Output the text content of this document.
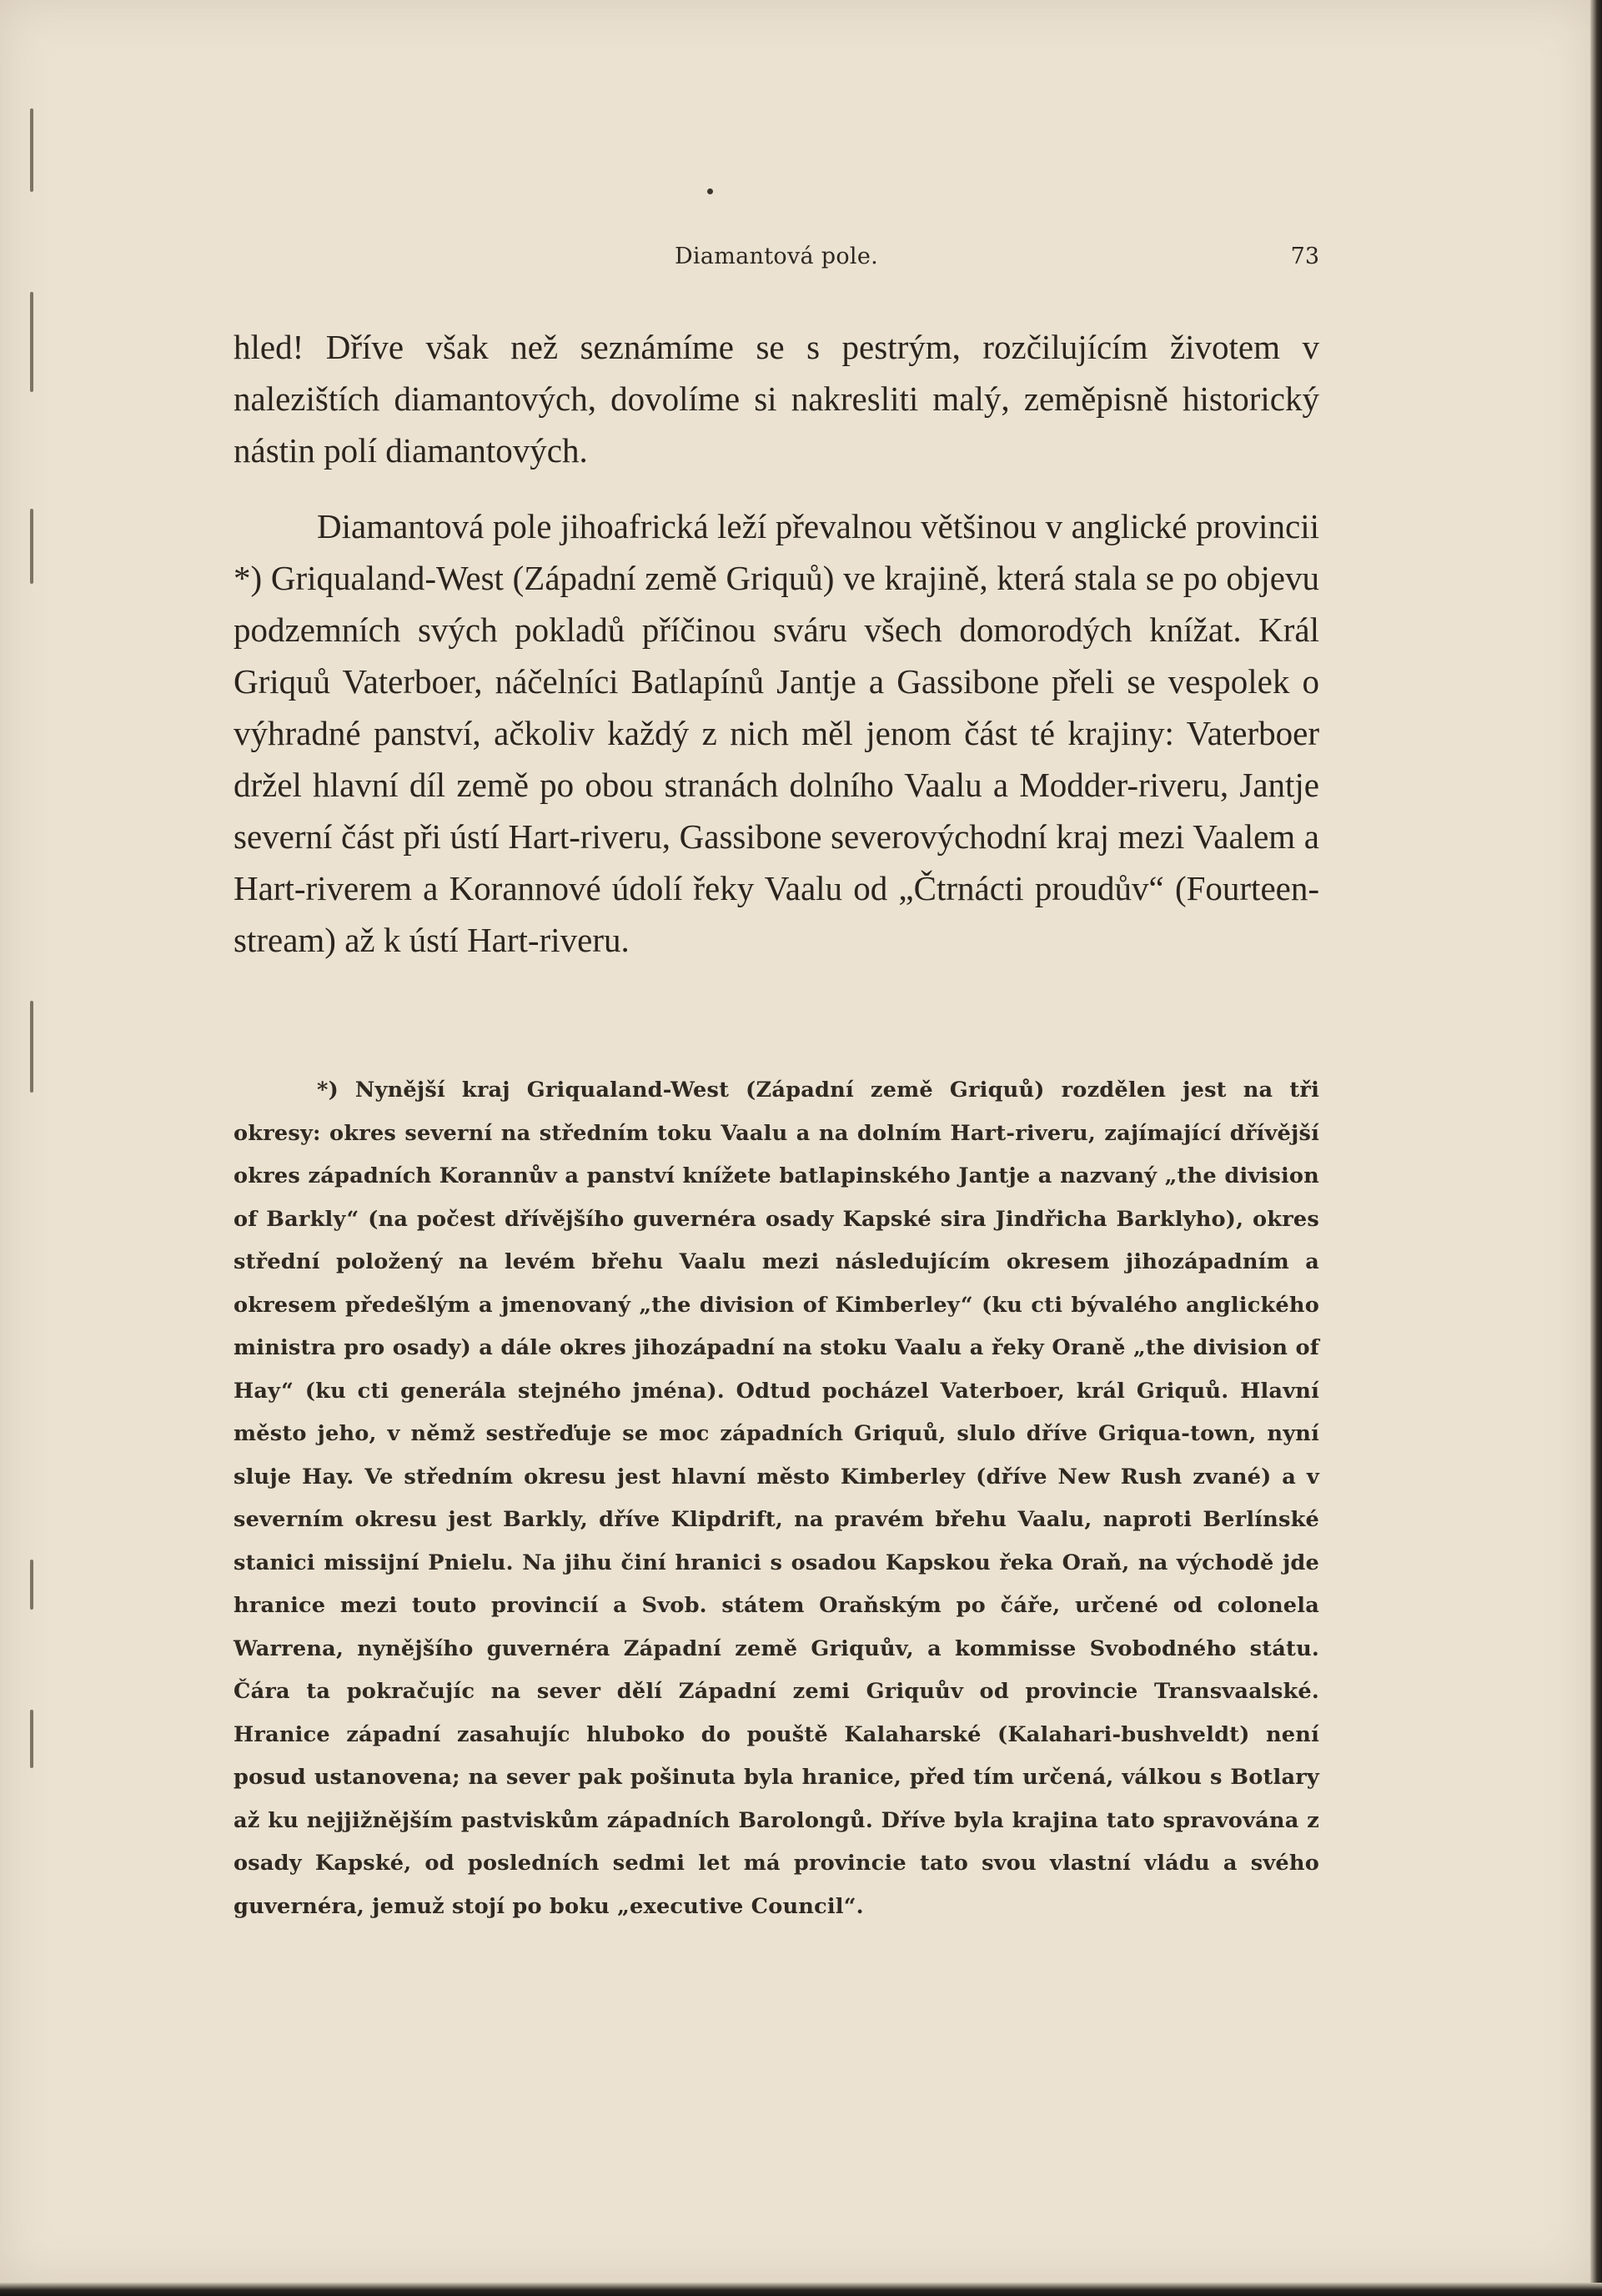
Diamantová pole.	73

hled! Dříve však než seznámíme se s pestrým, rozčilujícím životem v nalezištích diamantových, dovolíme si nakresliti malý, zeměpisně historický nástin polí diamantových.

Diamantová pole jihoafrická leží převalnou většinou v anglické provincii *) Griqualand-West (Západní země Griquů) ve krajině, která stala se po objevu podzemních svých pokladů příčinou sváru všech domorodých knížat. Král Griquů Vaterboer, náčelníci Batlapínů Jantje a Gassibone přeli se vespolek o výhradné panství, ačkoliv každý z nich měl jenom část té krajiny: Vaterboer držel hlavní díl země po obou stranách dolního Vaalu a Modder-riveru, Jantje severní část při ústí Hart-riveru, Gassibone severovýchodní kraj mezi Vaalem a Hart-riverem a Korannové údolí řeky Vaalu od „Čtrnácti proudův“ (Fourteen-stream) až k ústí Hart-riveru.

*) Nynější kraj Griqualand-West (Západní země Griquů) rozdělen jest na tři okresy: okres severní na středním toku Vaalu a na dolním Hart-riveru, zajímající dřívější okres západních Korannův a panství knížete batlapinského Jantje a nazvaný „the division of Barkly“ (na počest dřívějšího guvernéra osady Kapské sira Jindřicha Barklyho), okres střední položený na levém břehu Vaalu mezi následujícím okresem jihozápadním a okresem předešlým a jmenovaný „the division of Kimberley“ (ku cti bývalého anglického ministra pro osady) a dále okres jihozápadní na stoku Vaalu a řeky Oraně „the division of Hay“ (ku cti generála stejného jména). Odtud pocházel Vaterboer, král Griquů. Hlavní město jeho, v němž sestřeďuje se moc západních Griquů, slulo dříve Griqua-town, nyní sluje Hay. Ve středním okresu jest hlavní město Kimberley (dříve New Rush zvané) a v severním okresu jest Barkly, dříve Klipdrift, na pravém břehu Vaalu, naproti Berlínské stanici missijní Pnielu. Na jihu činí hranici s osadou Kapskou řeka Oraň, na východě jde hranice mezi touto provincií a Svob. státem Oraňským po čáře, určené od colonela Warrena, nynějšího guvernéra Západní země Griquův, a kommisse Svobodného státu. Čára ta pokračujíc na sever dělí Západní zemi Griquův od provincie Transvaalské. Hranice západní zasahujíc hluboko do pouště Kalaharské (Kalahari-bushveldt) není posud ustanovena; na sever pak pošinuta byla hranice, před tím určená, válkou s Botlary až ku nejjižnějším pastviskům západních Barolongů. Dříve byla krajina tato spravována z osady Kapské, od posledních sedmi let má provincie tato svou vlastní vládu a svého guvernéra, jemuž stojí po boku „executive Council“.
